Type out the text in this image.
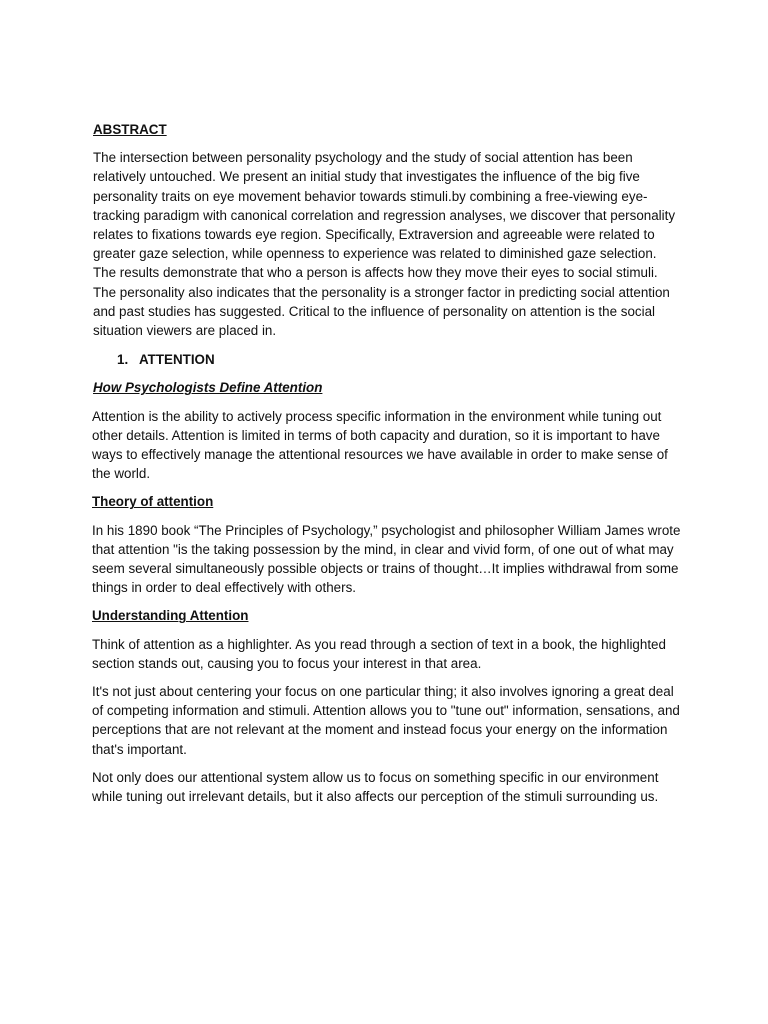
ABSTRACT

The intersection between personality psychology and the study of social attention has been relatively untouched. We present an initial study that investigates the influence of the big five personality traits on eye movement behavior towards stimuli.by combining a free-viewing eye-tracking paradigm with canonical correlation and regression analyses, we discover that personality relates to fixations towards eye region. Specifically, Extraversion and agreeable were related to greater gaze selection, while openness to experience was related to diminished gaze selection. The results demonstrate that who a person is affects how they move their eyes to social stimuli. The personality also indicates that the personality is a stronger factor in predicting social attention and past studies has suggested. Critical to the influence of personality on attention is the social situation viewers are placed in.

1. ATTENTION
How Psychologists Define Attention

Attention is the ability to actively process specific information in the environment while tuning out other details. Attention is limited in terms of both capacity and duration, so it is important to have ways to effectively manage the attentional resources we have available in order to make sense of the world.

Theory of attention

In his 1890 book “The Principles of Psychology,” psychologist and philosopher William James wrote that attention "is the taking possession by the mind, in clear and vivid form, of one out of what may seem several simultaneously possible objects or trains of thought…It implies withdrawal from some things in order to deal effectively with others.

Understanding Attention

Think of attention as a highlighter. As you read through a section of text in a book, the highlighted section stands out, causing you to focus your interest in that area.

It's not just about centering your focus on one particular thing; it also involves ignoring a great deal of competing information and stimuli. Attention allows you to "tune out" information, sensations, and perceptions that are not relevant at the moment and instead focus your energy on the information that's important.

Not only does our attentional system allow us to focus on something specific in our environment while tuning out irrelevant details, but it also affects our perception of the stimuli surrounding us.
